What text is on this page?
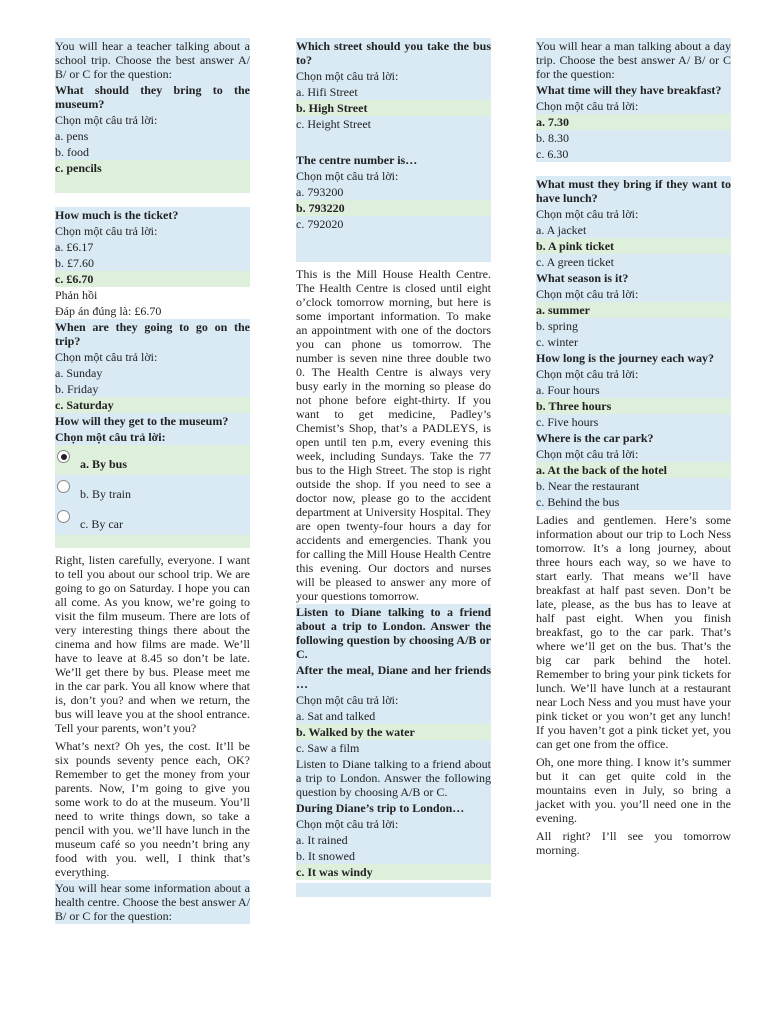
You will hear a teacher talking about a school trip. Choose the best answer A/ B/ or C for the question:
What should they bring to the museum?
Chọn một câu trả lời:
a. pens
b. food
c. pencils
How much is the ticket?
Chọn một câu trả lời:
a. £6.17
b. £7.60
c. £6.70
Phản hồi
Đáp án đúng là: £6.70
When are they going to go on the trip?
Chọn một câu trả lời:
a. Sunday
b. Friday
c. Saturday
How will they get to the museum?
Chọn một câu trả lời:
a. By bus
b. By train
c. By car
Right, listen carefully, everyone. I want to tell you about our school trip. We are going to go on Saturday. I hope you can all come. As you know, we’re going to visit the film museum. There are lots of very interesting things there about the cinema and how films are made. We’ll have to leave at 8.45 so don’t be late. We’ll get there by bus. Please meet me in the car park. You all know where that is, don’t you? and when we return, the bus will leave you at the shool entrance. Tell your parents, won’t you?
What’s next? Oh yes, the cost. It’ll be six pounds seventy pence each, OK? Remember to get the money from your parents. Now, I’m going to give you some work to do at the museum. You’ll need to write things down, so take a pencil with you. we’ll have lunch in the museum café so you needn’t bring any food with you. well, I think that’s everything.
You will hear some information about a health centre. Choose the best answer A/ B/ or C for the question:
Which street should you take the bus to?
Chọn một câu trả lời:
a. Hifi Street
b. High Street
c. Height Street
The centre number is…
Chọn một câu trả lời:
a. 793200
b. 793220
c. 792020
This is the Mill House Health Centre. The Health Centre is closed until eight o’clock tomorrow morning, but here is some important information. To make an appointment with one of the doctors you can phone us tomorrow. The number is seven nine three double two 0. The Health Centre is always very busy early in the morning so please do not phone before eight-thirty. If you want to get medicine, Padley’s Chemist’s Shop, that’s a PADLEYS, is open until ten p.m, every evening this week, including Sundays. Take the 77 bus to the High Street. The stop is right outside the shop. If you need to see a doctor now, please go to the accident department at University Hospital. They are open twenty-four hours a day for accidents and emergencies. Thank you for calling the Mill House Health Centre this evening. Our doctors and nurses will be pleased to answer any more of your questions tomorrow.
Listen to Diane talking to a friend about a trip to London. Answer the following question by choosing A/B or C.
After the meal, Diane and her friends …
Chọn một câu trả lời:
a. Sat and talked
b. Walked by the water
c. Saw a film
Listen to Diane talking to a friend about a trip to London. Answer the following question by choosing A/B or C.
During Diane’s trip to London…
Chọn một câu trả lời:
a. It rained
b. It snowed
c. It was windy
You will hear a man talking about a day trip. Choose the best answer A/ B/ or C for the question:
What time will they have breakfast?
Chọn một câu trả lời:
a. 7.30
b. 8.30
c. 6.30
What must they bring if they want to have lunch?
Chọn một câu trả lời:
a. A jacket
b. A pink ticket
c. A green ticket
What season is it?
Chọn một câu trả lời:
a. summer
b. spring
c. winter
How long is the journey each way?
Chọn một câu trả lời:
a. Four hours
b. Three hours
c. Five hours
Where is the car park?
Chọn một câu trả lời:
a. At the back of the hotel
b. Near the restaurant
c. Behind the bus
Ladies and gentlemen. Here’s some information about our trip to Loch Ness tomorrow. It’s a long journey, about three hours each way, so we have to start early. That means we’ll have breakfast at half past seven. Don’t be late, please, as the bus has to leave at half past eight. When you finish breakfast, go to the car park. That’s where we’ll get on the bus. That’s the big car park behind the hotel. Remember to bring your pink tickets for lunch. We’ll have lunch at a restaurant near Loch Ness and you must have your pink ticket or you won’t get any lunch! If you haven’t got a pink ticket yet, you can get one from the office.
Oh, one more thing. I know it’s summer but it can get quite cold in the mountains even in July, so bring a jacket with you. you’ll need one in the evening.
All right? I’ll see you tomorrow morning.
